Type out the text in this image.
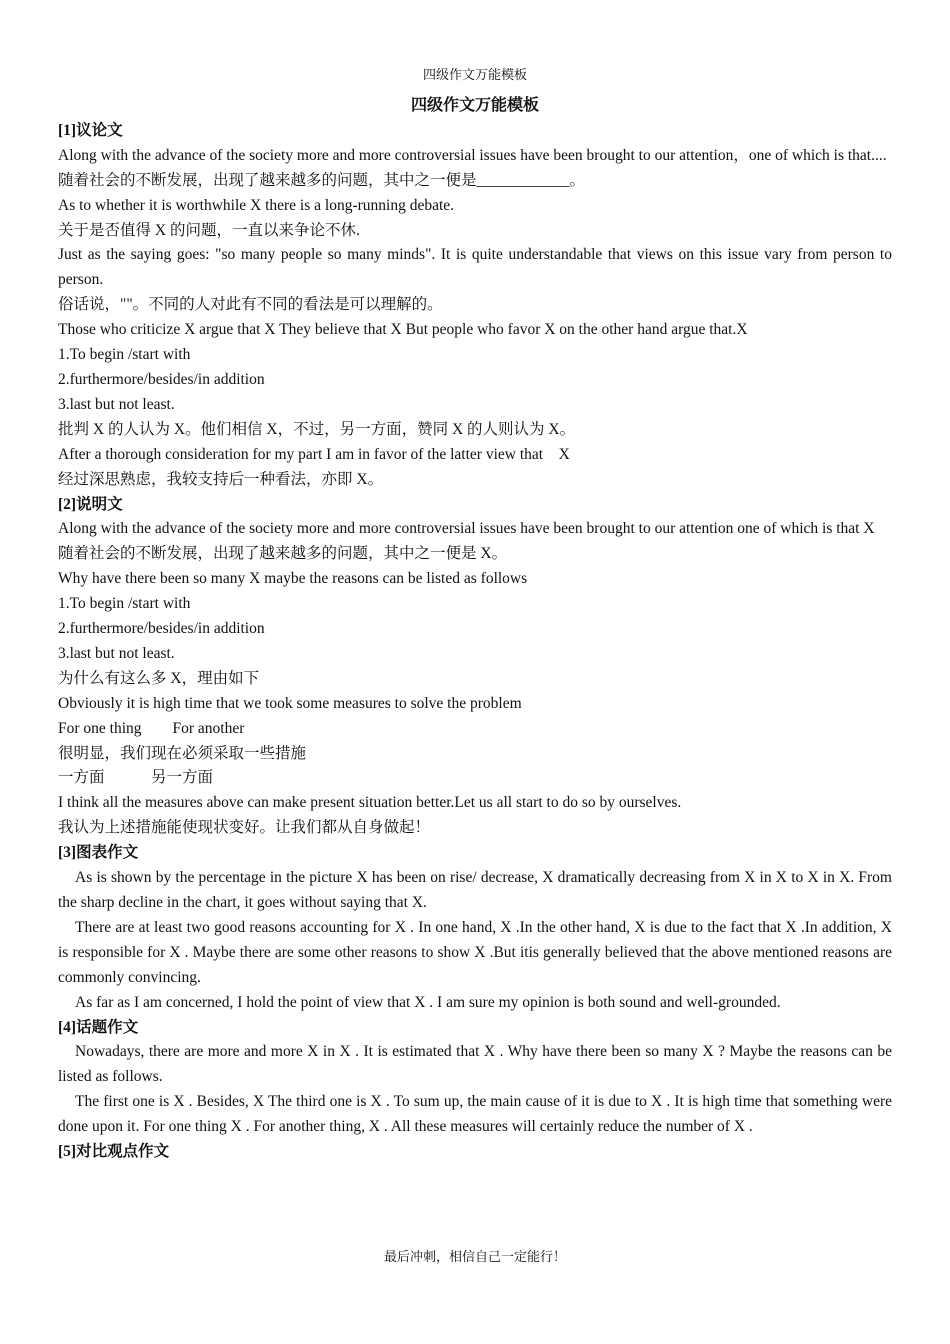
四级作文万能模板

四级作文万能模板

[1]议论文

Along with the advance of the society more and more controversial issues have been brought to our attention，one of which is that....

随着社会的不断发展，出现了越来越多的问题，其中之一便是____________。

As to whether it is worthwhile X there is a long-running debate.

关于是否值得 X 的问题，一直以来争论不休.

Just as the saying goes: "so many people so many minds". It is quite understandable that views on this issue vary from person to person.

俗话说，""。不同的人对此有不同的看法是可以理解的。

Those who criticize X argue that X They believe that X But people who favor X on the other hand argue that.X

1.To begin /start with

2.furthermore/besides/in addition

3.last but not least.

批判 X 的人认为 X。他们相信 X，不过，另一方面，赞同 X 的人则认为 X。

After a thorough consideration for my part I am in favor of the latter view that　X

经过深思熟虑，我较支持后一种看法，亦即 X。

[2]说明文

Along with the advance of the society more and more controversial issues have been brought to our attention one of which is that X

随着社会的不断发展，出现了越来越多的问题，其中之一便是 X。

Why have there been so many X maybe the reasons can be listed as follows

1.To begin /start with

2.furthermore/besides/in addition

3.last but not least.

为什么有这么多 X，理由如下

Obviously it is high time that we took some measures to solve the problem

For one thing　　For another

很明显，我们现在必须采取一些措施

一方面　　　另一方面

I think all the measures above can make present situation better.Let us all start to do so by ourselves.

我认为上述措施能使现状变好。让我们都从自身做起！

[3]图表作文

As is shown by the percentage in the picture X has been on rise/ decrease, X dramatically decreasing from X in X to X in X. From the sharp decline in the chart, it goes without saying that X.

There are at least two good reasons accounting for X . In one hand, X .In the other hand, X is due to the fact that X .In addition, X is responsible for X . Maybe there are some other reasons to show X .But itis generally believed that the above mentioned reasons are commonly convincing.

As far as I am concerned, I hold the point of view that X . I am sure my opinion is both sound and well-grounded.

[4]话题作文

Nowadays, there are more and more X in X . It is estimated that X . Why have there been so many X ? Maybe the reasons can be listed as follows.

The first one is X . Besides, X The third one is X . To sum up, the main cause of it is due to X . It is high time that something were done upon it. For one thing X . For another thing, X . All these measures will certainly reduce the number of X .

[5]对比观点作文

最后冲刺，相信自己一定能行！
